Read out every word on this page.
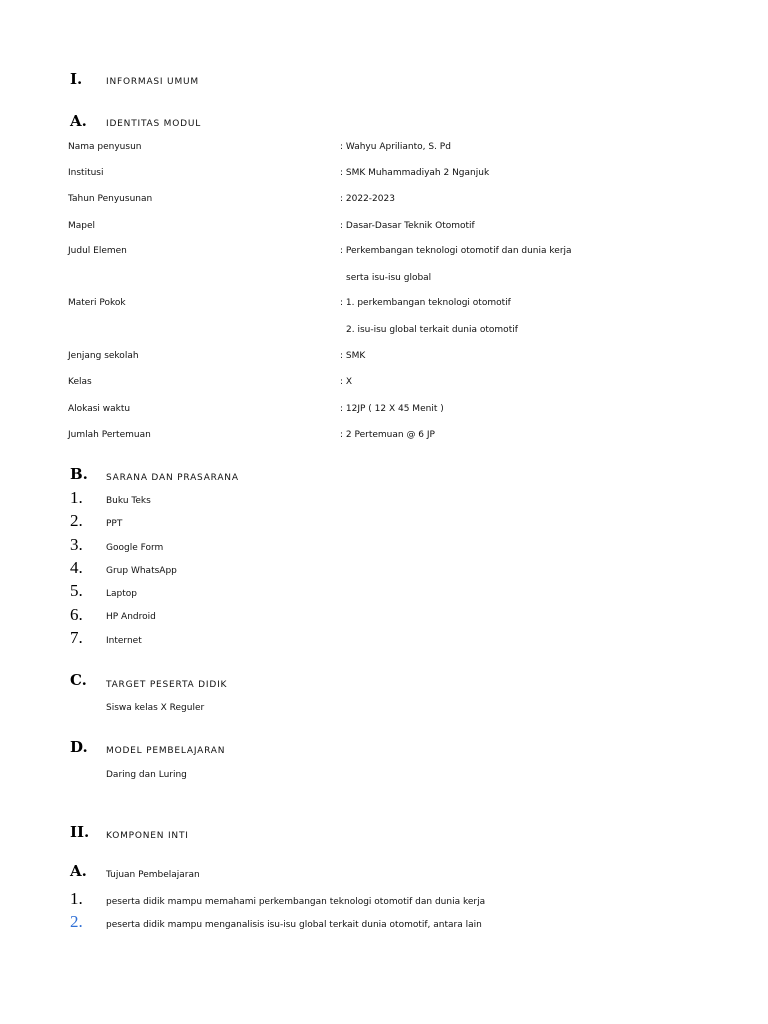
I.	INFORMASI UMUM
A. IDENTITAS MODUL
Nama penyusun	: Wahyu Aprilianto, S. Pd
Institusi	: SMK Muhammadiyah 2 Nganjuk
Tahun Penyusunan	: 2022-2023
Mapel	: Dasar-Dasar Teknik Otomotif
Judul Elemen	: Perkembangan teknologi otomotif dan dunia kerja
serta isu-isu global
Materi Pokok	: 1. perkembangan teknologi otomotif
2. isu-isu global terkait dunia otomotif
Jenjang sekolah	: SMK
Kelas	: X
Alokasi waktu	: 12JP ( 12 X 45 Menit )
Jumlah Pertemuan	: 2 Pertemuan @ 6 JP
B. SARANA DAN PRASARANA
1.	Buku Teks
2.	PPT
3.	Google Form
4.	Grup WhatsApp
5.	Laptop
6.	HP Android
7.	Internet
C. TARGET PESERTA DIDIK
Siswa kelas X Reguler
D. MODEL PEMBELAJARAN
Daring dan Luring
II. KOMPONEN INTI
A. Tujuan Pembelajaran
1.	peserta didik mampu memahami perkembangan teknologi otomotif dan dunia kerja
2.	peserta didik mampu menganalisis isu-isu global terkait dunia otomotif, antara lain
